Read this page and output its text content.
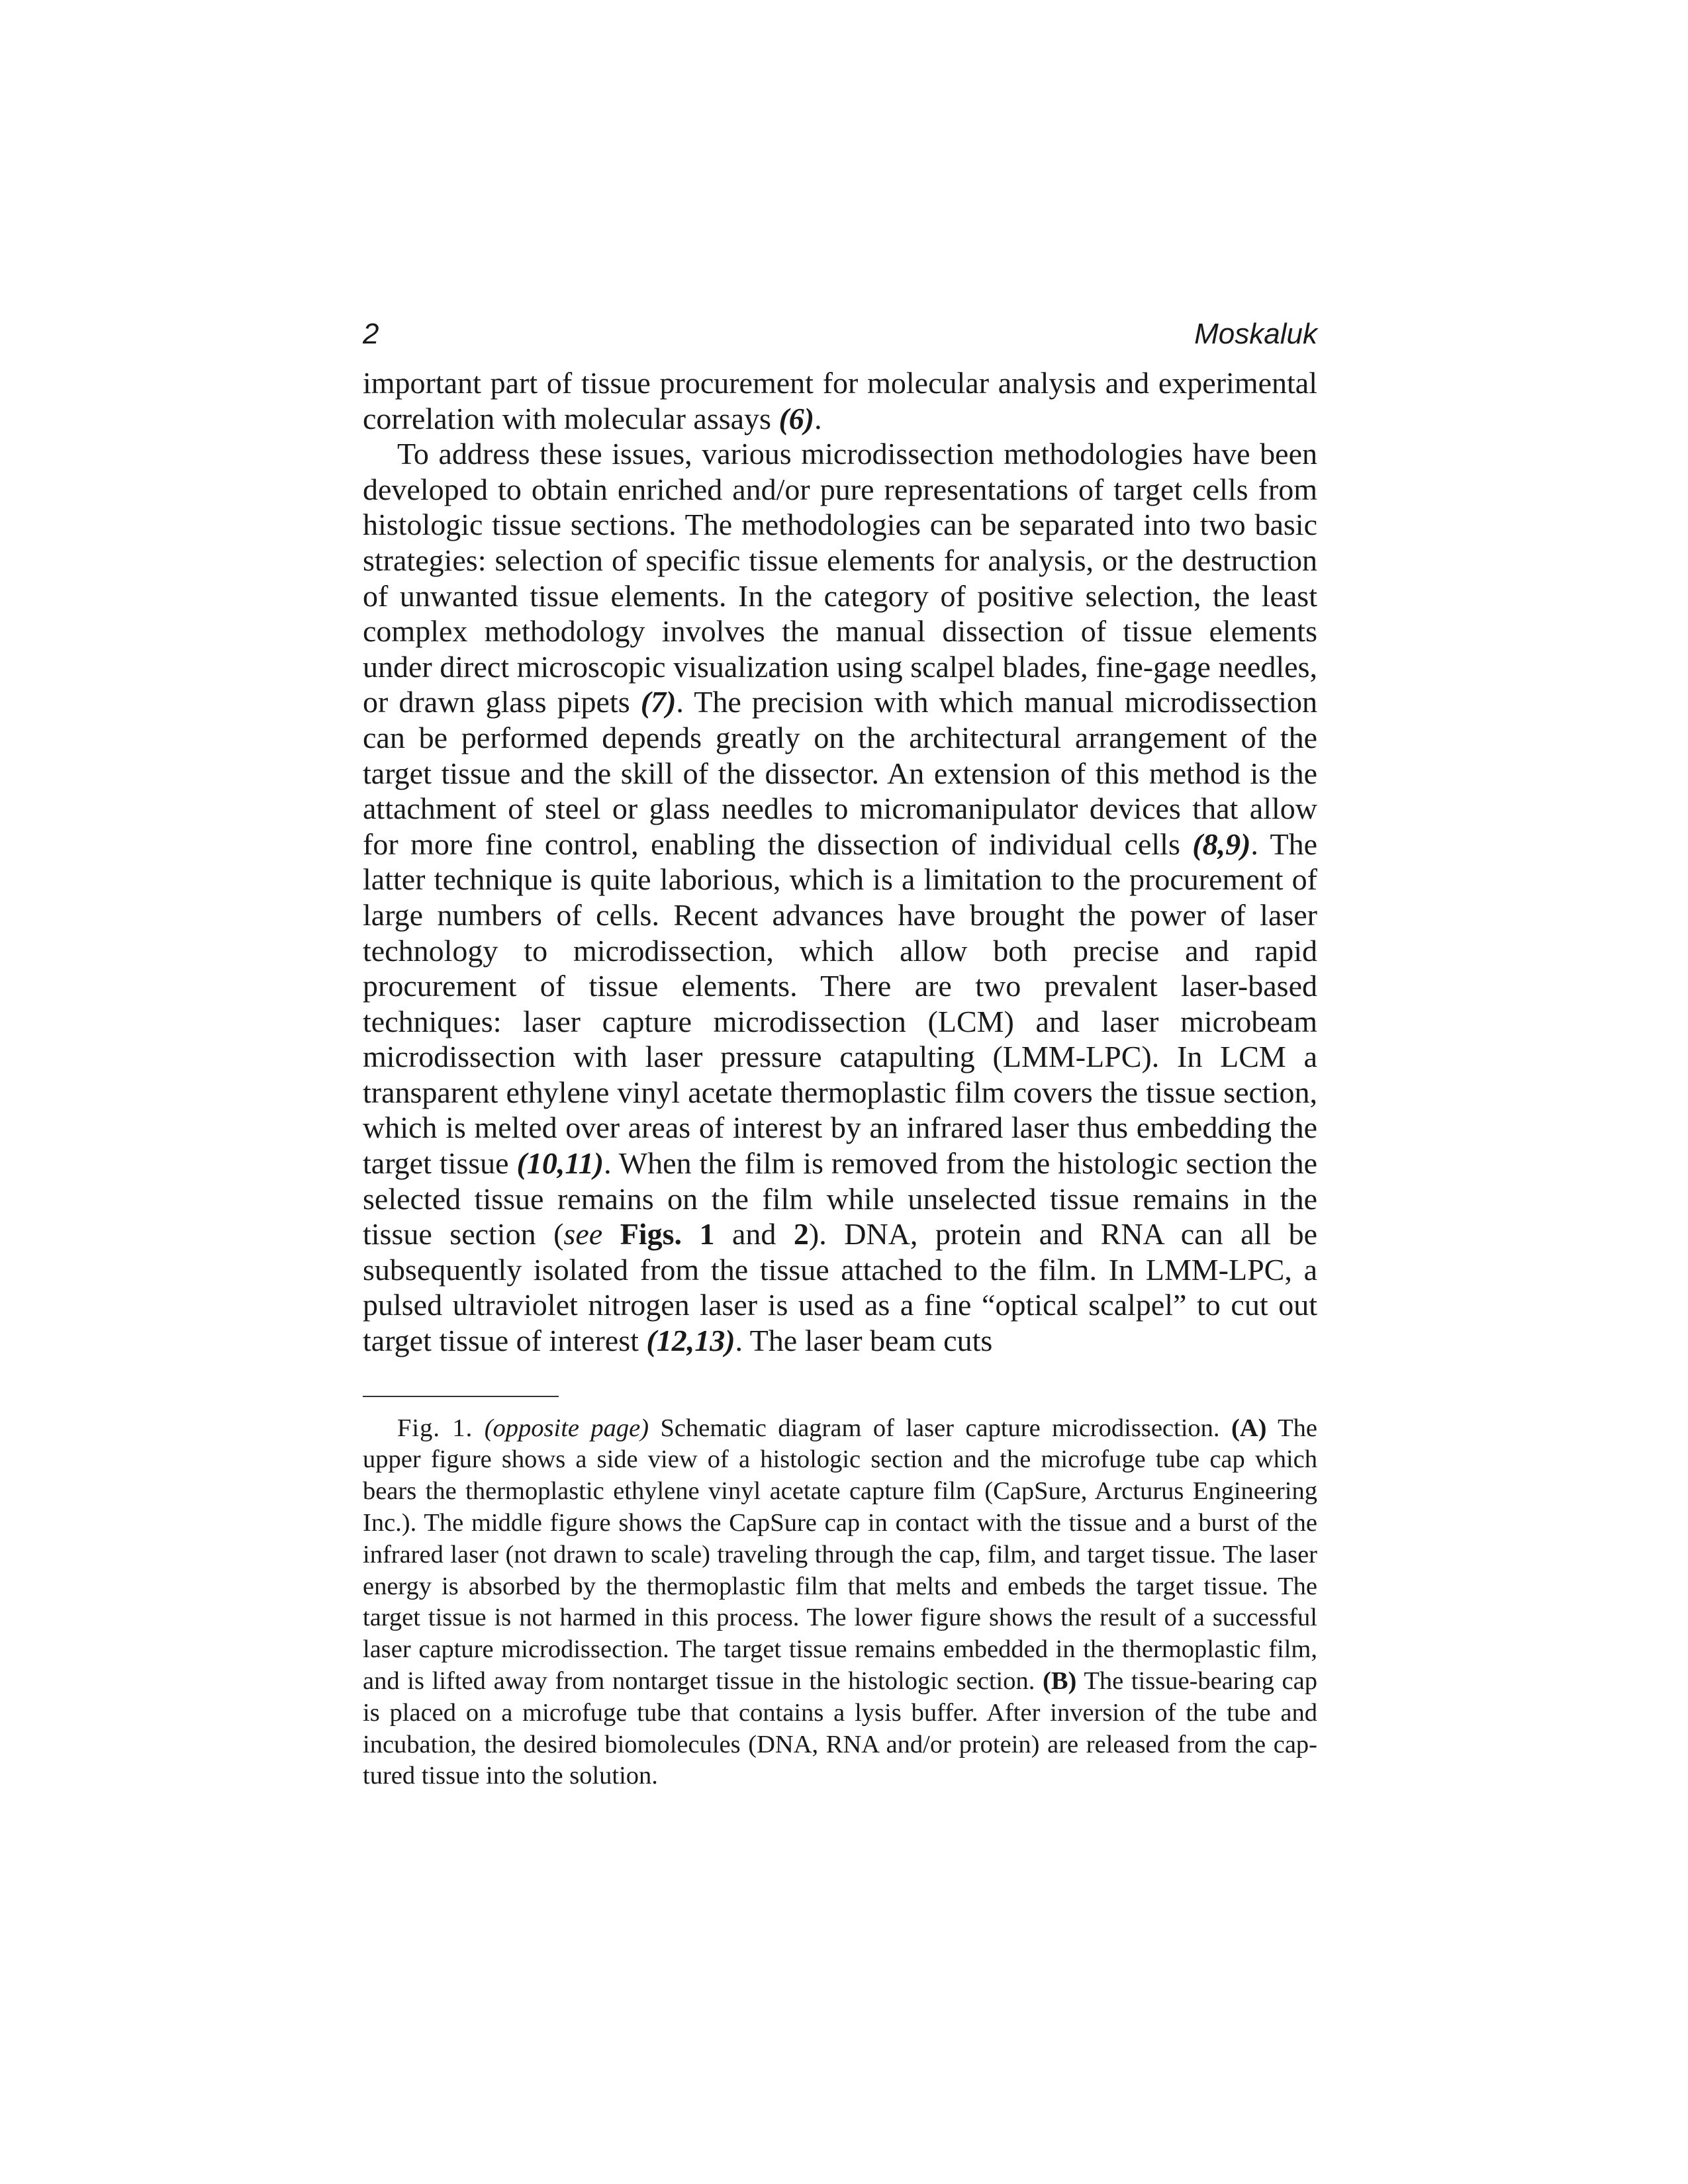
2	Moskaluk

important part of tissue procurement for molecular analysis and experimental correlation with molecular assays (6).

To address these issues, various microdissection methodologies have been developed to obtain enriched and/or pure representations of target cells from histologic tissue sections. The methodologies can be separated into two basic strategies: selection of specific tissue elements for analysis, or the destruction of unwanted tissue elements. In the category of positive selection, the least complex methodology involves the manual dissection of tissue elements under direct microscopic visualization using scalpel blades, fine-gage needles, or drawn glass pipets (7). The precision with which manual microdissection can be performed depends greatly on the architectural arrangement of the target tissue and the skill of the dissector. An extension of this method is the attachment of steel or glass needles to micromanipulator devices that allow for more fine control, enabling the dissection of individual cells (8,9). The latter technique is quite laborious, which is a limitation to the procurement of large numbers of cells. Recent advances have brought the power of laser technology to microdissection, which allow both precise and rapid procurement of tissue elements. There are two prevalent laser-based techniques: laser capture microdissection (LCM) and laser microbeam microdissection with laser pressure catapulting (LMM-LPC). In LCM a transparent ethylene vinyl acetate thermoplastic film covers the tissue section, which is melted over areas of interest by an infrared laser thus embedding the target tissue (10,11). When the film is removed from the histologic section the selected tissue remains on the film while unselected tissue remains in the tissue section (see Figs. 1 and 2). DNA, protein and RNA can all be subsequently isolated from the tissue attached to the film. In LMM-LPC, a pulsed ultraviolet nitrogen laser is used as a fine “optical scalpel” to cut out target tissue of interest (12,13). The laser beam cuts

Fig. 1. (opposite page) Schematic diagram of laser capture microdissection. (A) The upper figure shows a side view of a histologic section and the microfuge tube cap which bears the thermoplastic ethylene vinyl acetate capture film (CapSure, Arcturus Engineering Inc.). The middle figure shows the CapSure cap in contact with the tissue and a burst of the infrared laser (not drawn to scale) traveling through the cap, film, and target tissue. The laser energy is absorbed by the thermoplastic film that melts and embeds the target tissue. The target tissue is not harmed in this process. The lower figure shows the result of a successful laser capture microdissection. The target tissue remains embedded in the thermoplastic film, and is lifted away from nontarget tissue in the histologic section. (B) The tissue-bearing cap is placed on a microfuge tube that contains a lysis buffer. After inversion of the tube and incubation, the desired biomolecules (DNA, RNA and/or protein) are released from the captured tissue into the solution.
